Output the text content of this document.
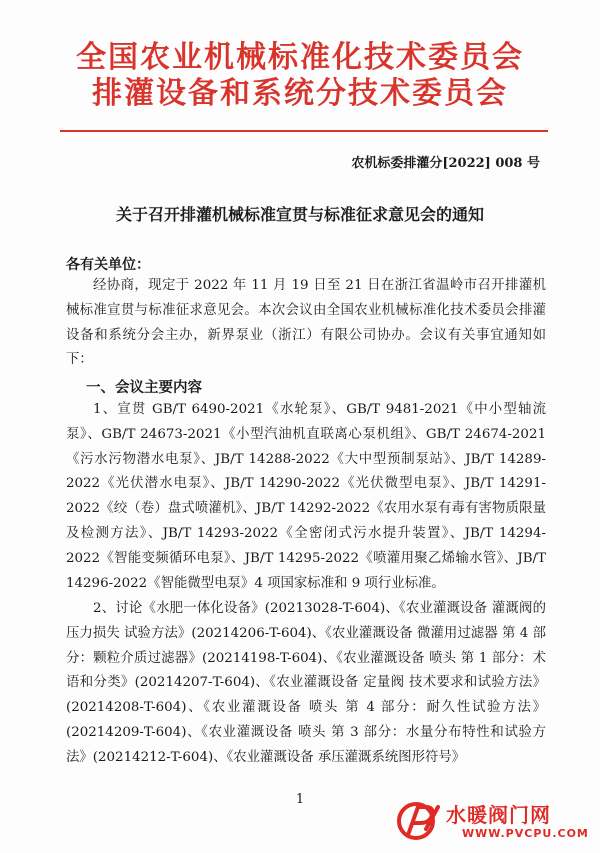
全国农业机械标准化技术委员会
排灌设备和系统分技术委员会
农机标委排灌分[2022] 008 号
关于召开排灌机械标准宣贯与标准征求意见会的通知
各有关单位：
经协商，现定于 2022 年 11 月 19 日至 21 日在浙江省温岭市召开排灌机械标准宣贯与标准征求意见会。本次会议由全国农业机械标准化技术委员会排灌设备和系统分会主办，新界泵业（浙江）有限公司协办。会议有关事宜通知如下：
一、会议主要内容
1、宣贯 GB/T 6490-2021《水轮泵》、GB/T 9481-2021《中小型轴流泵》、GB/T 24673-2021《小型汽油机直联离心泵机组》、GB/T 24674-2021《污水污物潜水电泵》、JB/T 14288-2022《大中型预制泵站》、JB/T 14289-2022《光伏潜水电泵》、JB/T 14290-2022《光伏微型电泵》、JB/T 14291-2022《绞（卷）盘式喷灌机》、JB/T 14292-2022《农用水泵有毒有害物质限量及检测方法》、JB/T 14293-2022《全密闭式污水提升装置》、JB/T 14294-2022《智能变频循环电泵》、JB/T 14295-2022《喷灌用聚乙烯输水管》、JB/T 14296-2022《智能微型电泵》4 项国家标准和 9 项行业标准。
2、讨论《水肥一体化设备》(20213028-T-604)、《农业灌溉设备 灌溉阀的压力损失 试验方法》(20214206-T-604)、《农业灌溉设备 微灌用过滤器 第 4 部分：颗粒介质过滤器》(20214198-T-604)、《农业灌溉设备 喷头 第 1 部分：术语和分类》(20214207-T-604)、《农业灌溉设备 定量阀 技术要求和试验方法》(20214208-T-604)、《农业灌溉设备 喷头 第 4 部分：耐久性试验方法》(20214209-T-604)、《农业灌溉设备 喷头 第 3 部分：水量分布特性和试验方法》(20214212-T-604)、《农业灌溉设备 承压灌溉系统图形符号》
1
水暖阀门网
WWW.PVCPU.COM
